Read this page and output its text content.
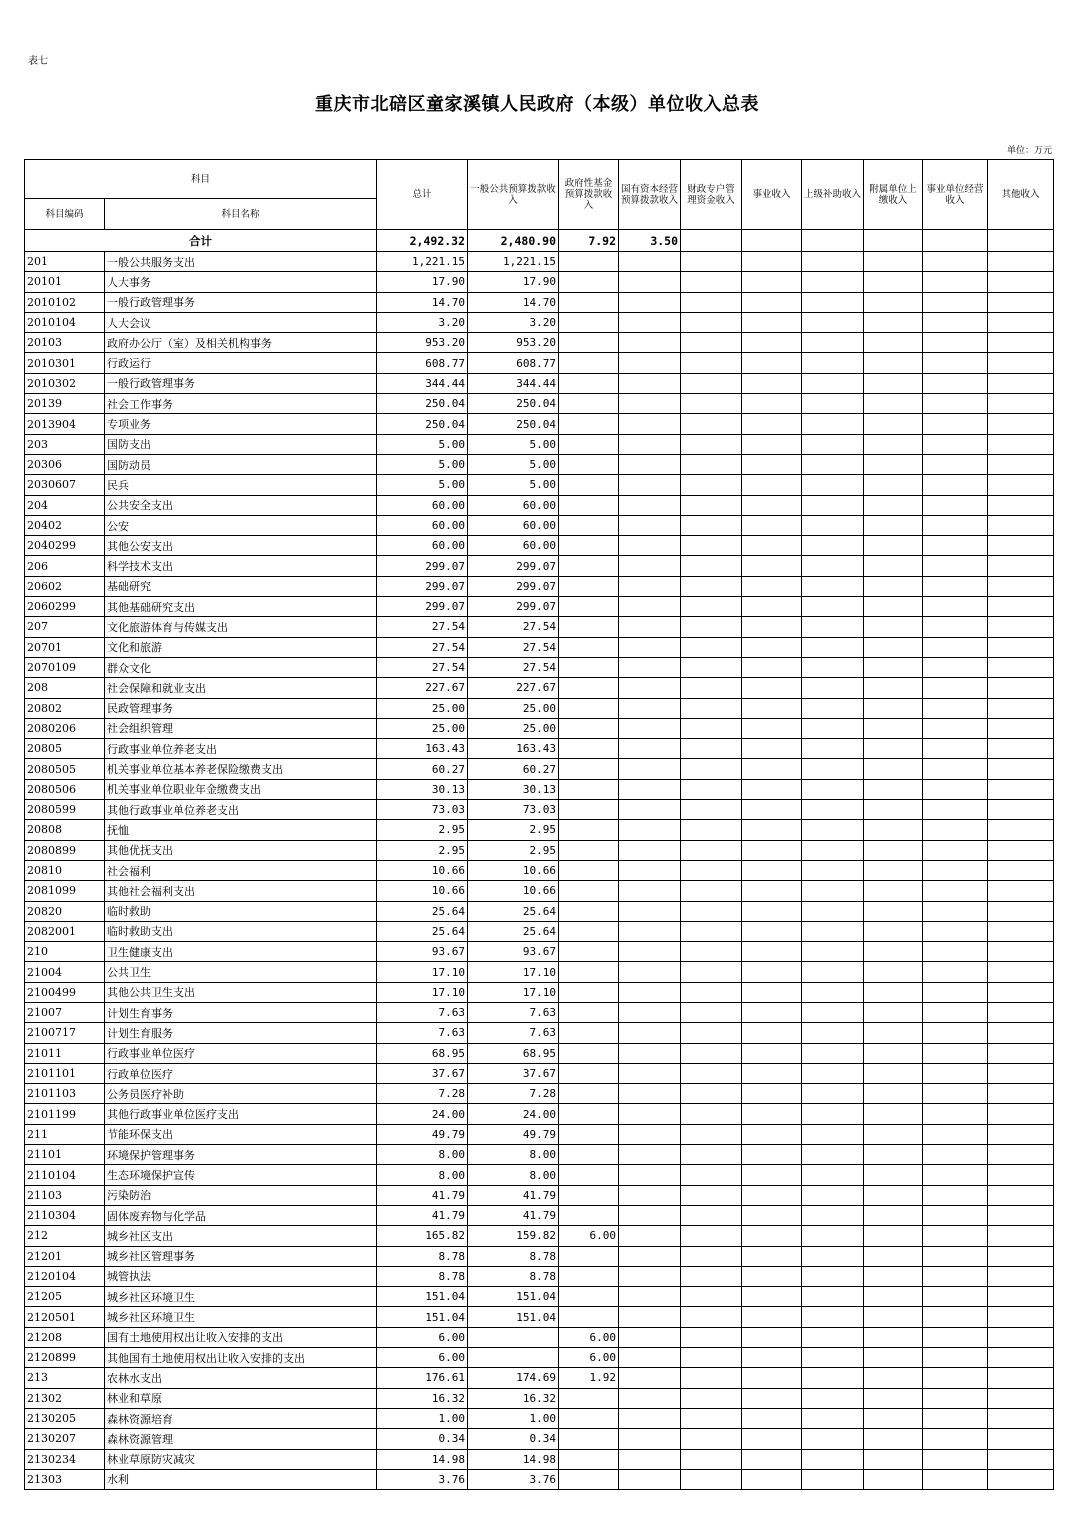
表七
重庆市北碚区童家溪镇人民政府（本级）单位收入总表
单位：万元
科目		总计	一般公共预算拨款收入	政府性基金预算拨款收入	国有资本经营预算拨款收入	财政专户管理资金收入	事业收入	上级补助收入	附属单位上缴收入	事业单位经营收入	其他收入
科目编码	科目名称										
合计		2,492.32	2,480.90	7.92	3.50						
201	一般公共服务支出	1,221.15	1,221.15								
20101	人大事务	17.90	17.90								
2010102	一般行政管理事务	14.70	14.70								
2010104	人大会议	3.20	3.20								
20103	政府办公厅（室）及相关机构事务	953.20	953.20								
2010301	行政运行	608.77	608.77								
2010302	一般行政管理事务	344.44	344.44								
20139	社会工作事务	250.04	250.04								
2013904	专项业务	250.04	250.04								
203	国防支出	5.00	5.00								
20306	国防动员	5.00	5.00								
2030607	民兵	5.00	5.00								
204	公共安全支出	60.00	60.00								
20402	公安	60.00	60.00								
2040299	其他公安支出	60.00	60.00								
206	科学技术支出	299.07	299.07								
20602	基础研究	299.07	299.07								
2060299	其他基础研究支出	299.07	299.07								
207	文化旅游体育与传媒支出	27.54	27.54								
20701	文化和旅游	27.54	27.54								
2070109	群众文化	27.54	27.54								
208	社会保障和就业支出	227.67	227.67								
20802	民政管理事务	25.00	25.00								
2080206	社会组织管理	25.00	25.00								
20805	行政事业单位养老支出	163.43	163.43								
2080505	机关事业单位基本养老保险缴费支出	60.27	60.27								
2080506	机关事业单位职业年金缴费支出	30.13	30.13								
2080599	其他行政事业单位养老支出	73.03	73.03								
20808	抚恤	2.95	2.95								
2080899	其他优抚支出	2.95	2.95								
20810	社会福利	10.66	10.66								
2081099	其他社会福利支出	10.66	10.66								
20820	临时救助	25.64	25.64								
2082001	临时救助支出	25.64	25.64								
210	卫生健康支出	93.67	93.67								
21004	公共卫生	17.10	17.10								
2100499	其他公共卫生支出	17.10	17.10								
21007	计划生育事务	7.63	7.63								
2100717	计划生育服务	7.63	7.63								
21011	行政事业单位医疗	68.95	68.95								
2101101	行政单位医疗	37.67	37.67								
2101103	公务员医疗补助	7.28	7.28								
2101199	其他行政事业单位医疗支出	24.00	24.00								
211	节能环保支出	49.79	49.79								
21101	环境保护管理事务	8.00	8.00								
2110104	生态环境保护宣传	8.00	8.00								
21103	污染防治	41.79	41.79								
2110304	固体废弃物与化学品	41.79	41.79								
212	城乡社区支出	165.82	159.82	6.00							
21201	城乡社区管理事务	8.78	8.78								
2120104	城管执法	8.78	8.78								
21205	城乡社区环境卫生	151.04	151.04								
2120501	城乡社区环境卫生	151.04	151.04								
21208	国有土地使用权出让收入安排的支出	6.00		6.00							
2120899	其他国有土地使用权出让收入安排的支出	6.00		6.00							
213	农林水支出	176.61	174.69	1.92							
21302	林业和草原	16.32	16.32								
2130205	森林资源培育	1.00	1.00								
2130207	森林资源管理	0.34	0.34								
2130234	林业草原防灾减灾	14.98	14.98								
21303	水利	3.76	3.76								
